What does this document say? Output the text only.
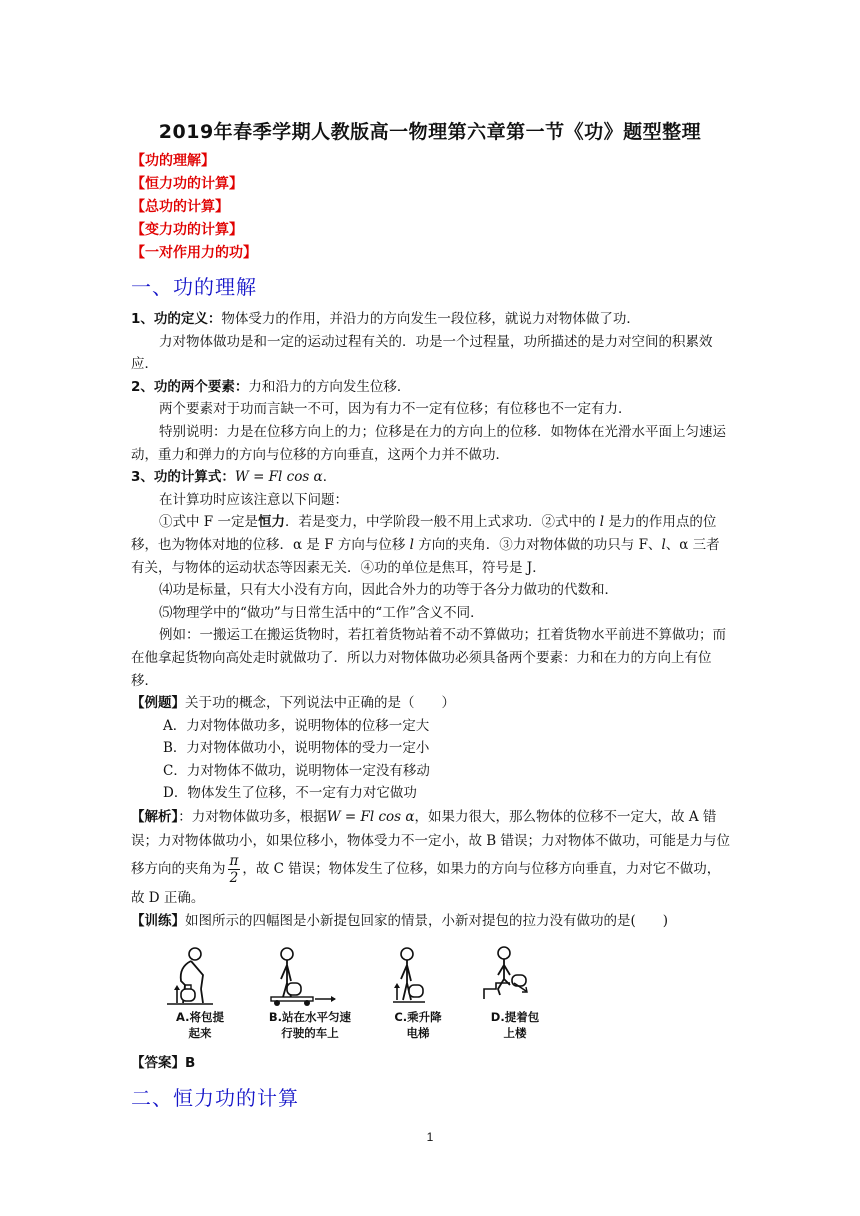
2019年春季学期人教版高一物理第六章第一节《功》题型整理
【功的理解】
【恒力功的计算】
【总功的计算】
【变力功的计算】
【一对作用力的功】
一、功的理解

1、功的定义：物体受力的作用，并沿力的方向发生一段位移，就说力对物体做了功．

力对物体做功是和一定的运动过程有关的．功是一个过程量，功所描述的是力对空间的积累效应．

2、功的两个要素：力和沿力的方向发生位移．

两个要素对于功而言缺一不可，因为有力不一定有位移；有位移也不一定有力．

特别说明：力是在位移方向上的力；位移是在力的方向上的位移．如物体在光滑水平面上匀速运动，重力和弹力的方向与位移的方向垂直，这两个力并不做功．

3、功的计算式：W = Fl cos α．

在计算功时应该注意以下问题：

①式中 F 一定是恒力．若是变力，中学阶段一般不用上式求功．②式中的 l 是力的作用点的位移，也为物体对地的位移．α 是 F 方向与位移 l 方向的夹角．③力对物体做的功只与 F、l、α 三者有关，与物体的运动状态等因素无关．④功的单位是焦耳，符号是 J．

⑷功是标量，只有大小没有方向，因此合外力的功等于各分力做功的代数和．

⑸物理学中的“做功”与日常生活中的“工作”含义不同．

例如：一搬运工在搬运货物时，若扛着货物站着不动不算做功；扛着货物水平前进不算做功；而在他拿起货物向高处走时就做功了．所以力对物体做功必须具备两个要素：力和在力的方向上有位移．

【例题】关于功的概念，下列说法中正确的是（　　）

A．力对物体做功多，说明物体的位移一定大

B．力对物体做功小，说明物体的受力一定小

C．力对物体不做功，说明物体一定没有移动

D．物体发生了位移，不一定有力对它做功

【解析】：力对物体做功多，根据W = Fl cos α，如果力很大，那么物体的位移不一定大，故 A 错误；力对物体做功小，如果位移小，物体受力不一定小，故 B 错误；力对物体不做功，可能是力与位移方向的夹角为 $\frac{\pi}{2}$ ，故 C 错误；物体发生了位移，如果力的方向与位移方向垂直，力对它不做功，故 D 正确。

【训练】如图所示的四幅图是小新提包回家的情景，小新对提包的拉力没有做功的是(　　)

A.将包提
起来
B.站在水平匀速
行驶的车上
C.乘升降
电梯
D.提着包
上楼

【答案】B

二、恒力功的计算
1
